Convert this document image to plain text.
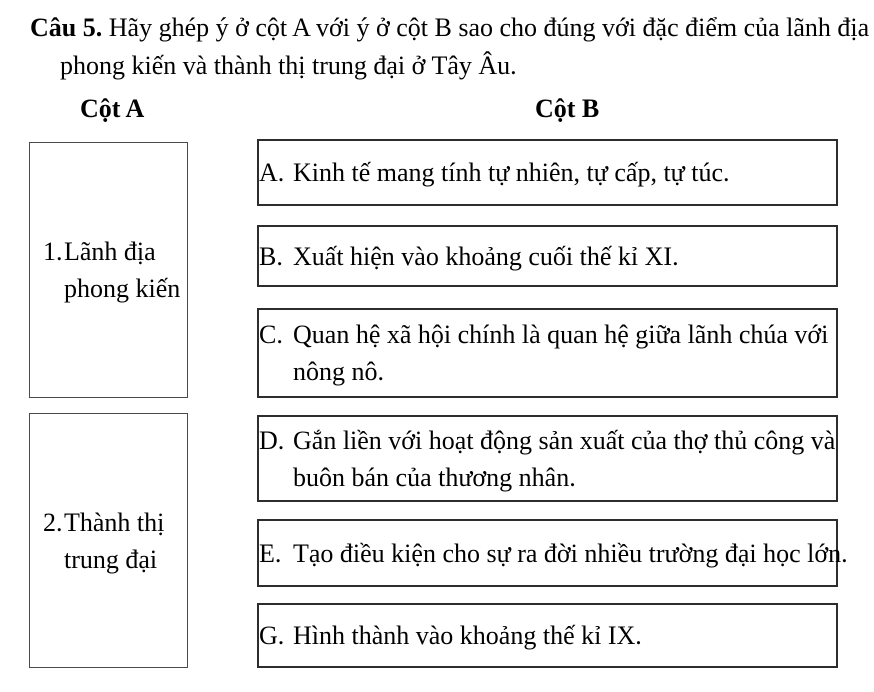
Câu 5. Hãy ghép ý ở cột A với ý ở cột B sao cho đúng với đặc điểm của lãnh địa
phong kiến và thành thị trung đại ở Tây Âu.
Cột A	Cột B
1.Lãnh địa
phong kiến
2.Thành thị
trung đại
A. Kinh tế mang tính tự nhiên, tự cấp, tự túc.
B. Xuất hiện vào khoảng cuối thế kỉ XI.
C. Quan hệ xã hội chính là quan hệ giữa lãnh chúa với
nông nô.
D. Gắn liền với hoạt động sản xuất của thợ thủ công và
buôn bán của thương nhân.
E. Tạo điều kiện cho sự ra đời nhiều trường đại học lớn.
G. Hình thành vào khoảng thế kỉ IX.
